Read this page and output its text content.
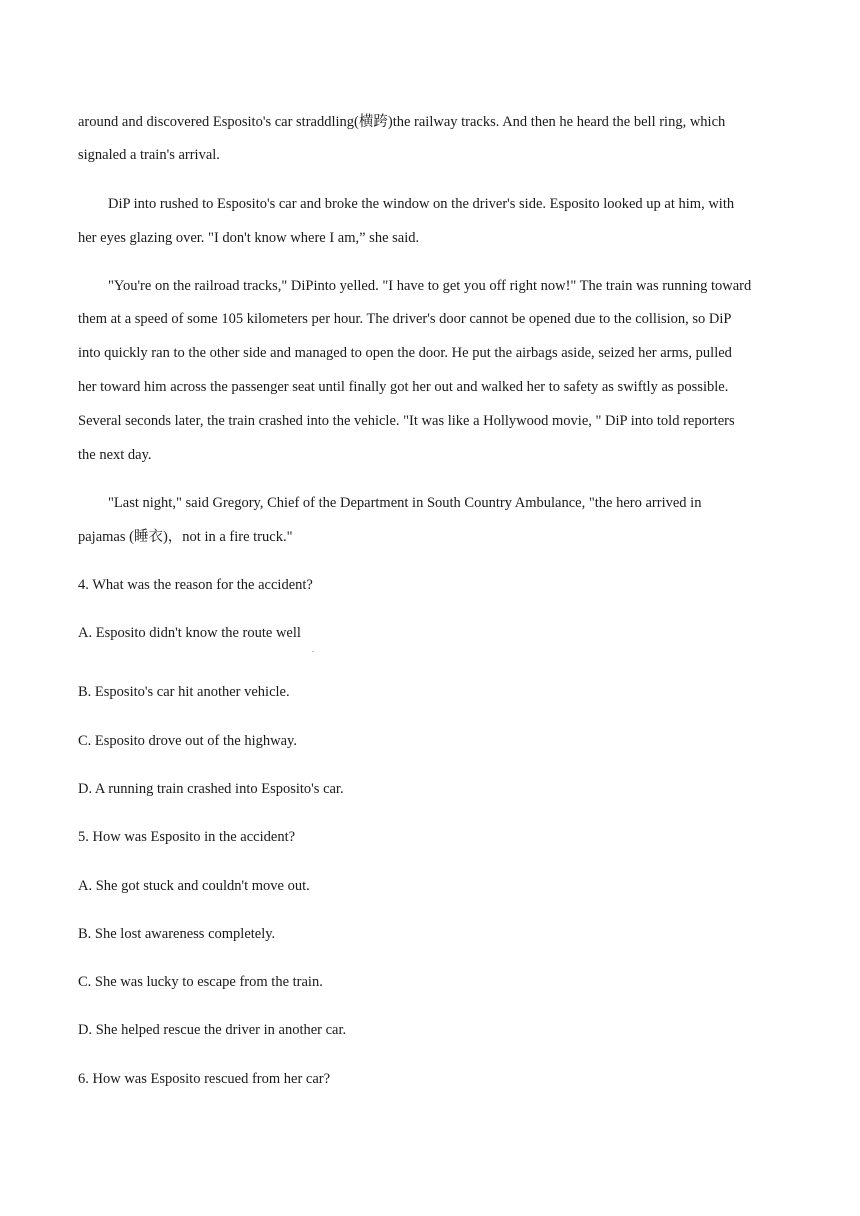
around and discovered Esposito's car straddling(横跨)the railway tracks. And then he heard the bell ring, which
signaled a train's arrival.
DiP into rushed to Esposito's car and broke the window on the driver's side. Esposito looked up at him, with
her eyes glazing over. "I don't know where I am,” she said.
"You're on the railroad tracks," DiPinto yelled. "I have to get you off right now!" The train was running toward
them at a speed of some 105 kilometers per hour. The driver's door cannot be opened due to the collision, so DiP
into quickly ran to the other side and managed to open the door. He put the airbags aside, seized her arms, pulled
her toward him across the passenger seat until finally got her out and walked her to safety as swiftly as possible.
Several seconds later, the train crashed into the vehicle. "It was like a Hollywood movie, " DiP into told reporters
the next day.
"Last night," said Gregory, Chief of the Department in South Country Ambulance, "the hero arrived in
pajamas (睡衣)，not in a fire truck."
4. What was the reason for the accident?
A. Esposito didn't know the route well
.
B. Esposito's car hit another vehicle.
C. Esposito drove out of the highway.
D. A running train crashed into Esposito's car.
5. How was Esposito in the accident?
A. She got stuck and couldn't move out.
B. She lost awareness completely.
C. She was lucky to escape from the train.
D. She helped rescue the driver in another car.
6. How was Esposito rescued from her car?
